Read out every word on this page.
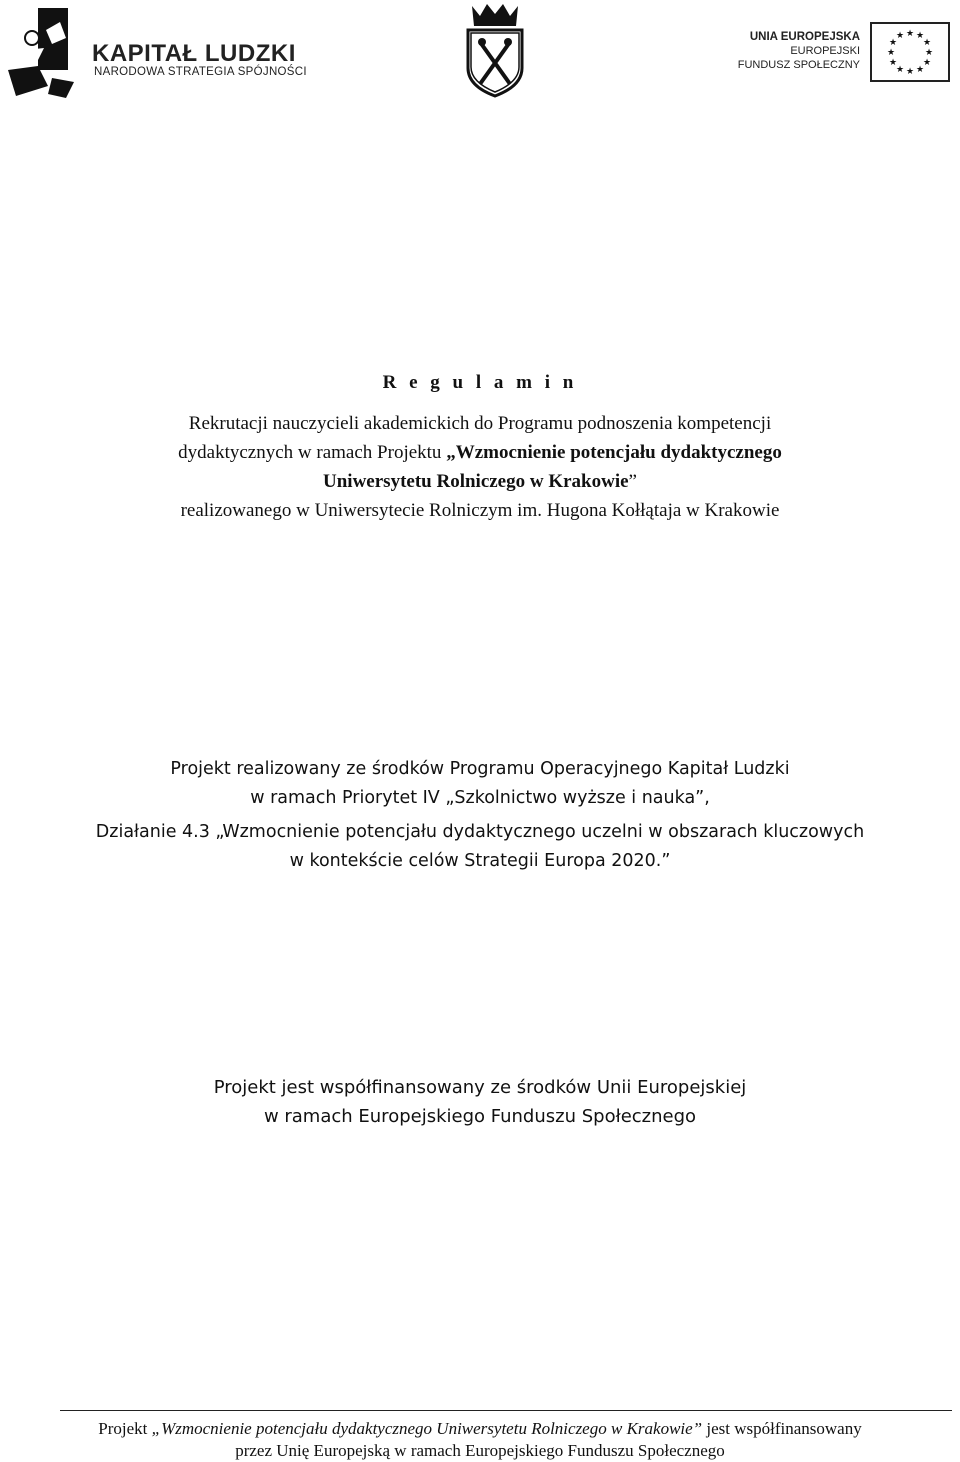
KAPITAŁ LUDZKI
NARODOWA STRATEGIA SPÓJNOŚCI
UNIA EUROPEJSKA
EUROPEJSKI
FUNDUSZ SPOŁECZNY
★ ★
★
★
★
★
★
★
★
★
★
★
R e g u l a m i n
Rekrutacji nauczycieli akademickich do Programu podnoszenia kompetencji
dydaktycznych w ramach Projektu „Wzmocnienie potencjału dydaktycznego
Uniwersytetu Rolniczego w Krakowie”
realizowanego w Uniwersytecie Rolniczym im. Hugona Kołłątaja w Krakowie
Projekt realizowany ze środków Programu Operacyjnego Kapitał Ludzki
w ramach Priorytet IV „Szkolnictwo wyższe i nauka”,
Działanie 4.3 „Wzmocnienie potencjału dydaktycznego uczelni w obszarach kluczowych
w kontekście celów Strategii Europa 2020.”
Projekt jest współfinansowany ze środków Unii Europejskiej
w ramach Europejskiego Funduszu Społecznego
Projekt „Wzmocnienie potencjału dydaktycznego Uniwersytetu Rolniczego w Krakowie” jest współfinansowany
przez Unię Europejską w ramach Europejskiego Funduszu Społecznego
